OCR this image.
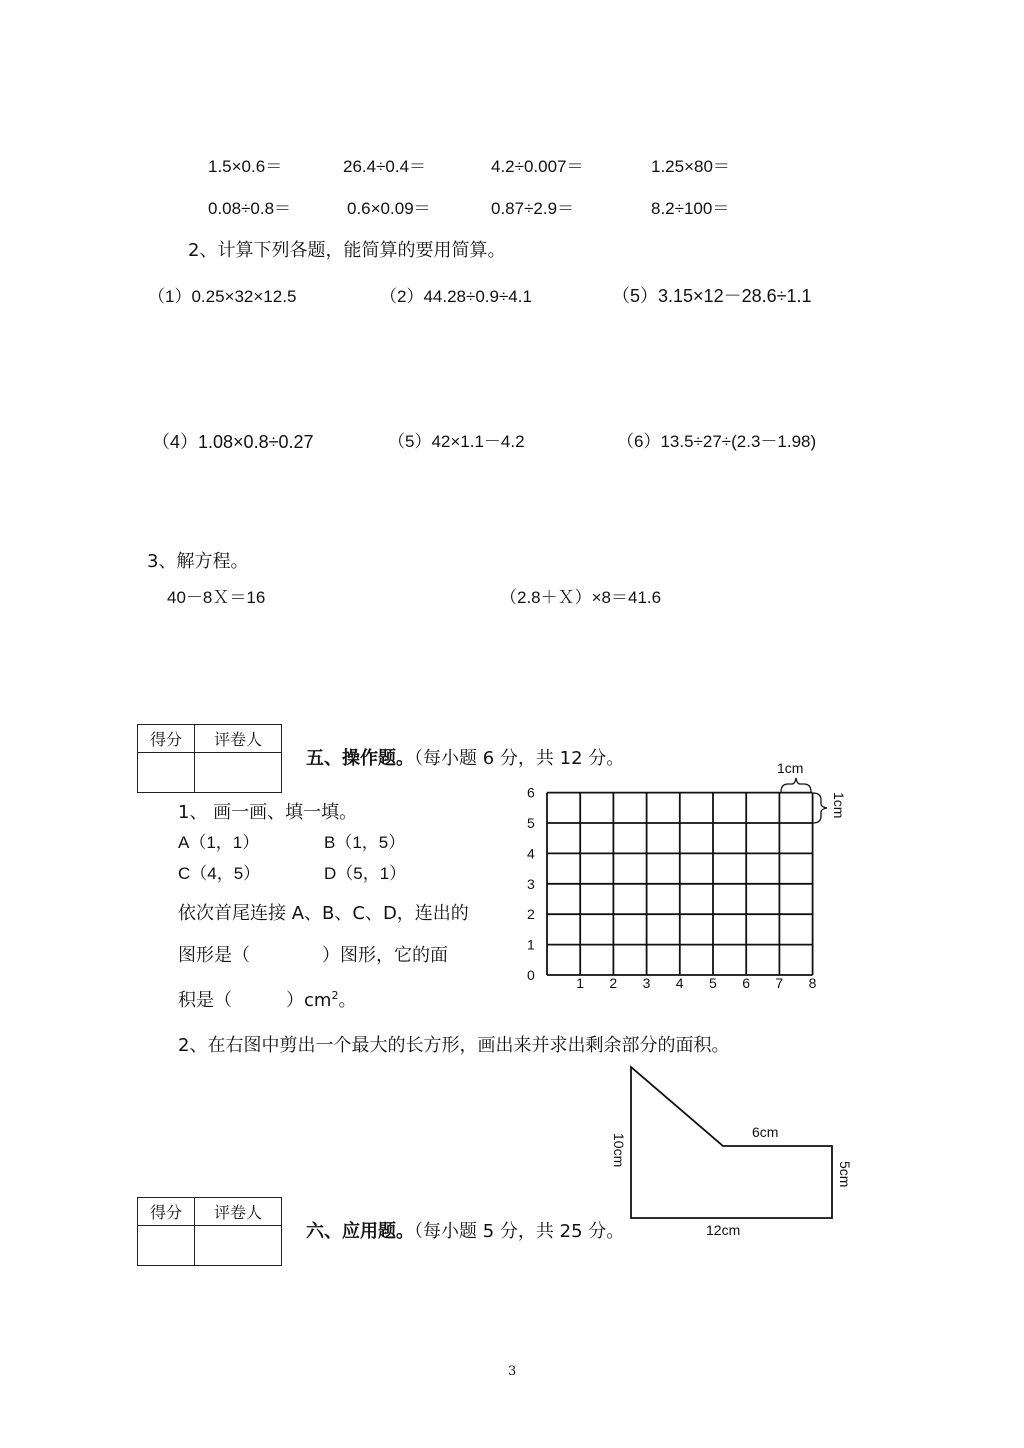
1.5×0.6＝	26.4÷0.4＝	4.2÷0.007＝	1.25×80＝
0.08÷0.8＝	0.6×0.09＝	0.87÷2.9＝	8.2÷100＝
2、计算下列各题，能简算的要用简算。
（1）0.25×32×12.5	（2）44.28÷0.9÷4.1	（5）3.15×12－28.6÷1.1
（4）1.08×0.8÷0.27	（5）42×1.1－4.2	（6）13.5÷27÷(2.3－1.98)
3、解方程。
40－8Ｘ＝16	（2.8＋Ｘ）×8＝41.6
得分	评卷人

五、操作题。（每小题 6 分，共 12 分。
1、 画一画、填一填。
A（1，1）	B（1，5）
C（4，5）	D（5，1）
依次首尾连接 A、B、C、D，连出的
图形是（　　　　）图形，它的面
积是（　　　）$cm^2$。
2、在右图中剪出一个最大的长方形，画出来并求出剩余部分的面积。
0
1
2
3
4
5
6
1 2 3 4 5 6 7 8
1cm
1cm
10cm
6cm
5cm
12cm
得分	评卷人

六、应用题。（每小题 5 分，共 25 分。
3
